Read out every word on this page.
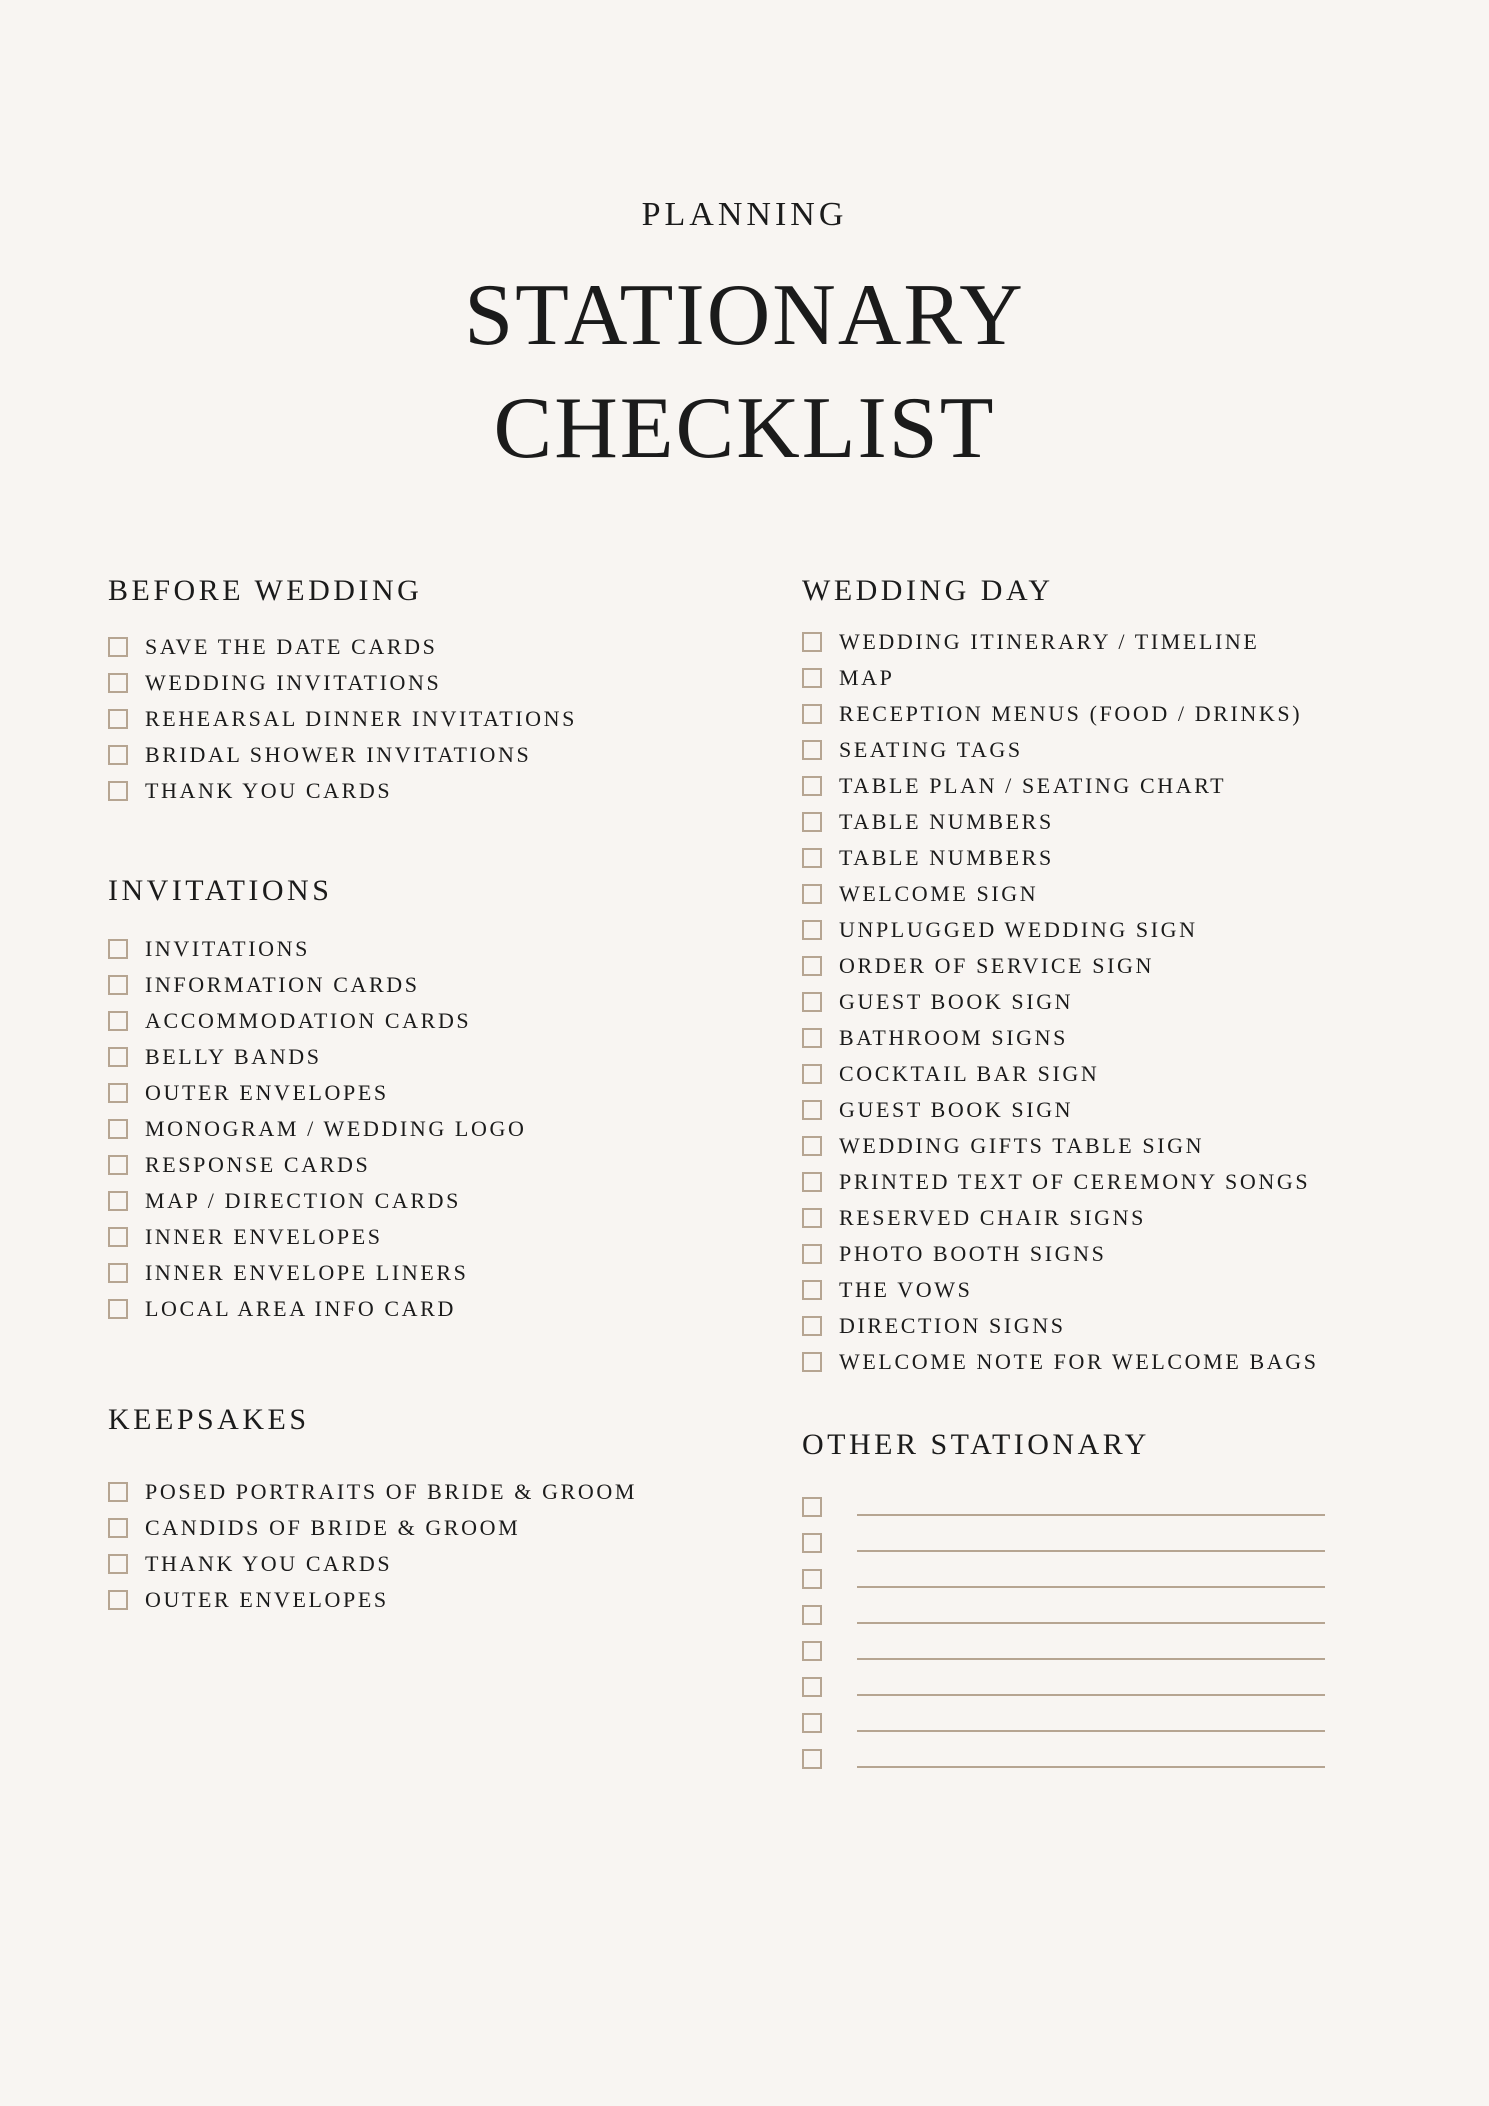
PLANNING
STATIONARY
CHECKLIST
BEFORE WEDDING
SAVE THE DATE CARDS
WEDDING INVITATIONS
REHEARSAL DINNER INVITATIONS
BRIDAL SHOWER INVITATIONS
THANK YOU CARDS
INVITATIONS
INVITATIONS
INFORMATION CARDS
ACCOMMODATION CARDS
BELLY BANDS
OUTER ENVELOPES
MONOGRAM / WEDDING LOGO
RESPONSE CARDS
MAP / DIRECTION CARDS
INNER ENVELOPES
INNER ENVELOPE LINERS
LOCAL AREA INFO CARD
KEEPSAKES
POSED PORTRAITS OF BRIDE & GROOM
CANDIDS OF BRIDE & GROOM
THANK YOU CARDS
OUTER ENVELOPES
WEDDING DAY
WEDDING ITINERARY / TIMELINE
MAP
RECEPTION MENUS (FOOD / DRINKS)
SEATING TAGS
TABLE PLAN / SEATING CHART
TABLE NUMBERS
TABLE NUMBERS
WELCOME SIGN
UNPLUGGED WEDDING SIGN
ORDER OF SERVICE SIGN
GUEST BOOK SIGN
BATHROOM SIGNS
COCKTAIL BAR SIGN
GUEST BOOK SIGN
WEDDING GIFTS TABLE SIGN
PRINTED TEXT OF CEREMONY SONGS
RESERVED CHAIR SIGNS
PHOTO BOOTH SIGNS
THE VOWS
DIRECTION SIGNS
WELCOME NOTE FOR WELCOME BAGS
OTHER STATIONARY
